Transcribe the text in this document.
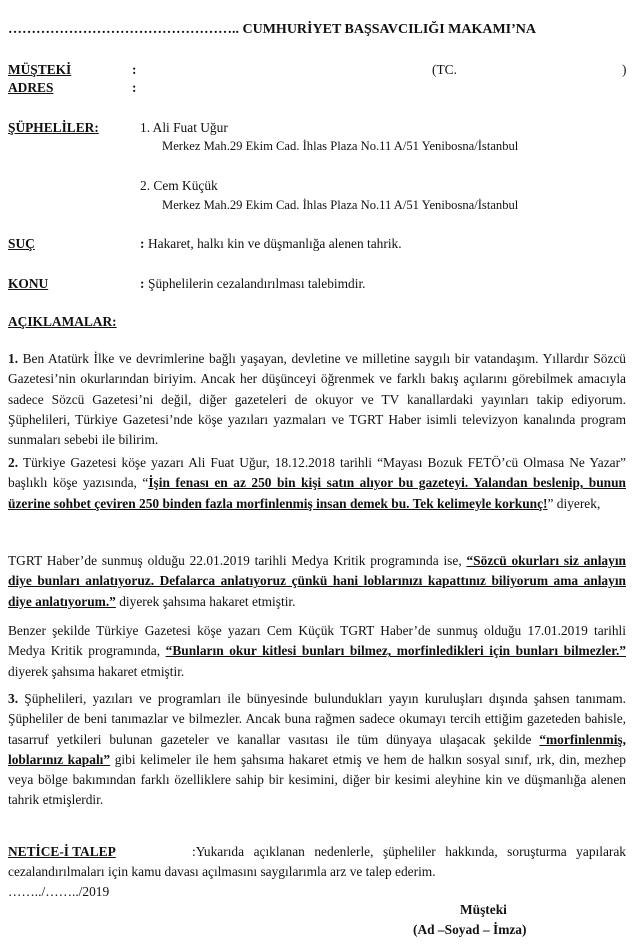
………………………………………….. CUMHURİYET BAŞSAVCILIĞI MAKAMI’NA
MÜŞTEKİ	:	(TC.	)
ADRES	:
ŞÜPHELİLER:	1. Ali Fuat Uğur
Merkez Mah.29 Ekim Cad. İhlas Plaza No.11 A/51 Yenibosna/İstanbul
2. Cem Küçük
Merkez Mah.29 Ekim Cad. İhlas Plaza No.11 A/51 Yenibosna/İstanbul
SUÇ	: Hakaret, halkı kin ve düşmanlığa alenen tahrik.
KONU	: Şüphelilerin cezalandırılması talebimdir.
AÇIKLAMALAR:
1. Ben Atatürk İlke ve devrimlerine bağlı yaşayan, devletine ve milletine saygılı bir vatandaşım. Yıllardır Sözcü Gazetesi’nin okurlarından biriyim. Ancak her düşünceyi öğrenmek ve farklı bakış açılarını görebilmek amacıyla sadece Sözcü Gazetesi’ni değil, diğer gazeteleri de okuyor ve TV kanallardaki yayınları takip ediyorum. Şüphelileri, Türkiye Gazetesi’nde köşe yazıları yazmaları ve TGRT Haber isimli televizyon kanalında program sunmaları sebebi ile bilirim.
2. Türkiye Gazetesi köşe yazarı Ali Fuat Uğur, 18.12.2018 tarihli “Mayası Bozuk FETÖ’cü Olmasa Ne Yazar” başlıklı köşe yazısında, “İşin fenası en az 250 bin kişi satın alıyor bu gazeteyi. Yalandan beslenip, bunun üzerine sohbet çeviren 250 binden fazla morfinlenmiş insan demek bu. Tek kelimeyle korkunç!” diyerek,
TGRT Haber’de sunmuş olduğu 22.01.2019 tarihli Medya Kritik programında ise, “Sözcü okurları siz anlayın diye bunları anlatıyoruz. Defalarca anlatıyoruz çünkü hani loblarınızı kapattınız biliyorum ama anlayın diye anlatıyorum.” diyerek şahsıma hakaret etmiştir.
Benzer şekilde Türkiye Gazetesi köşe yazarı Cem Küçük TGRT Haber’de sunmuş olduğu 17.01.2019 tarihli Medya Kritik programında, “Bunların okur kitlesi bunları bilmez, morfinledikleri için bunları bilmezler.” diyerek şahsıma hakaret etmiştir.
3. Şüphelileri, yazıları ve programları ile bünyesinde bulundukları yayın kuruluşları dışında şahsen tanımam. Şüpheliler de beni tanımazlar ve bilmezler. Ancak buna rağmen sadece okumayı tercih ettiğim gazeteden bahisle, tasarruf yetkileri bulunan gazeteler ve kanallar vasıtası ile tüm dünyaya ulaşacak şekilde “morfinlenmiş, loblarınız kapalı” gibi kelimeler ile hem şahsıma hakaret etmiş ve hem de halkın sosyal sınıf, ırk, din, mezhep veya bölge bakımından farklı özelliklere sahip bir kesimini, diğer bir kesimi aleyhine kin ve düşmanlığa alenen tahrik etmişlerdir.
NETİCE-İ TALEP	:Yukarıda açıklanan nedenlerle, şüpheliler hakkında, soruşturma yapılarak cezalandırılmaları için kamu davası açılmasını saygılarımla arz ve talep ederim.
……../……../2019
Müşteki
(Ad –Soyad – İmza)
